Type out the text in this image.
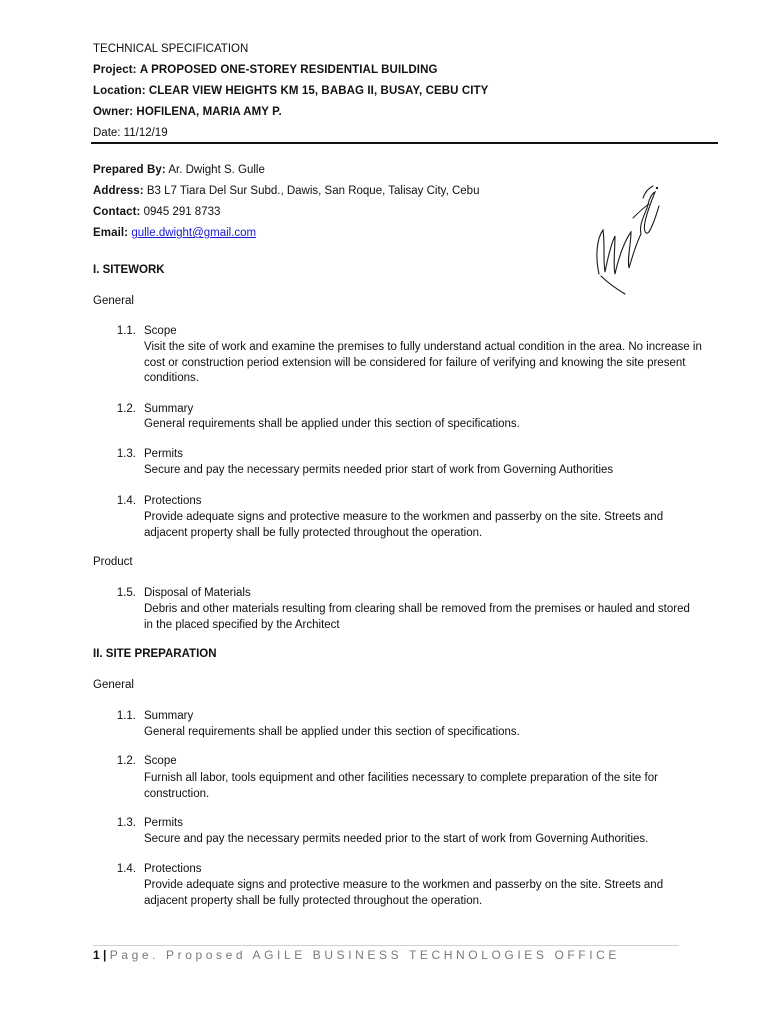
TECHNICAL SPECIFICATION
Project: A PROPOSED ONE-STOREY RESIDENTIAL BUILDING
Location: CLEAR VIEW HEIGHTS KM 15, BABAG II, BUSAY, CEBU CITY
Owner: HOFILENA, MARIA AMY P.
Date: 11/12/19
Prepared By: Ar. Dwight S. Gulle
Address: B3 L7 Tiara Del Sur Subd., Dawis, San Roque, Talisay City, Cebu
Contact: 0945 291 8733
Email: gulle.dwight@gmail.com
I. SITEWORK
General
1.1. Scope
Visit the site of work and examine the premises to fully understand actual condition in the area. No increase in cost or construction period extension will be considered for failure of verifying and knowing the site present conditions.
1.2. Summary
General requirements shall be applied under this section of specifications.
1.3. Permits
Secure and pay the necessary permits needed prior start of work from Governing Authorities
1.4. Protections
Provide adequate signs and protective measure to the workmen and passerby on the site. Streets and adjacent property shall be fully protected throughout the operation.
Product
1.5. Disposal of Materials
Debris and other materials resulting from clearing shall be removed from the premises or hauled and stored   in the placed specified by the Architect
II. SITE PREPARATION
General
1.1. Summary
General requirements shall be applied under this section of specifications.
1.2. Scope
Furnish all labor, tools equipment and other facilities necessary to complete preparation of the site for construction.
1.3. Permits
Secure and pay the necessary permits needed prior to the start of work from Governing Authorities.
1.4. Protections
Provide adequate signs and protective measure to the workmen and passerby on the site. Streets and adjacent property shall be fully protected throughout the operation.
1 | Page. Proposed AGILE BUSINESS TECHNOLOGIES OFFICE
